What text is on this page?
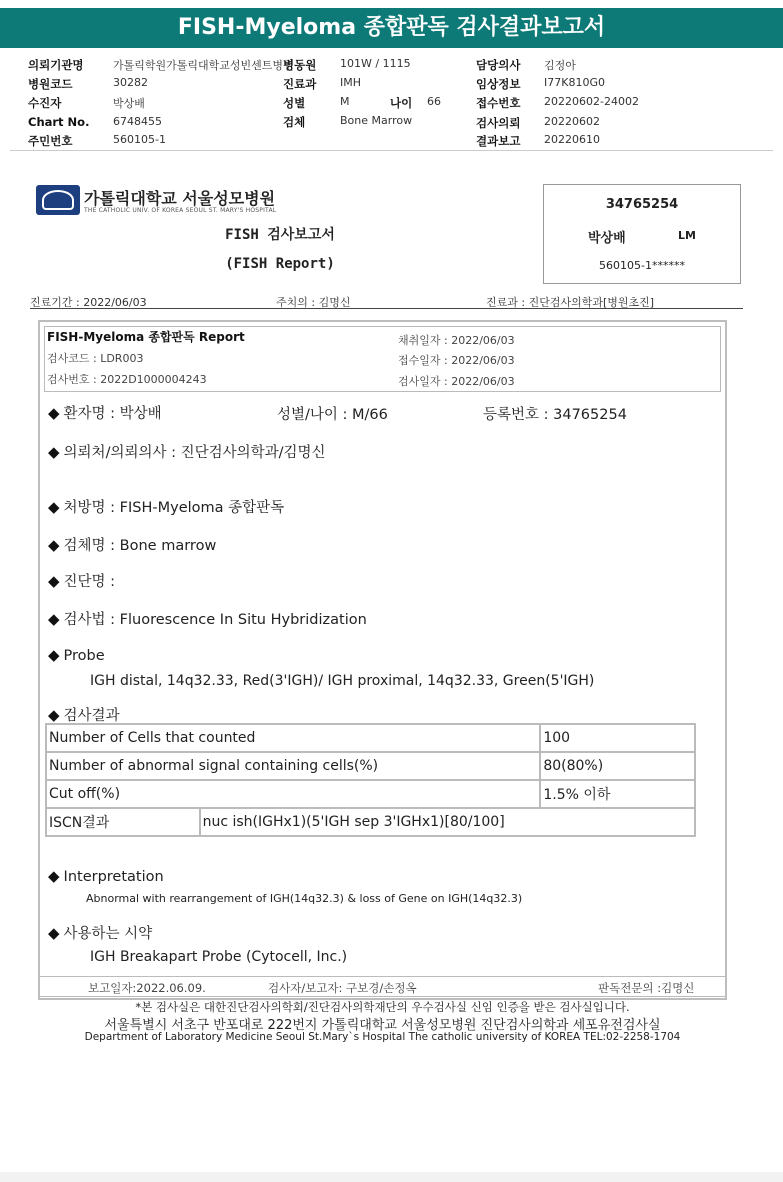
FISH-Myeloma 종합판독 검사결과보고서
의뢰기관명	가톨릭학원가톨릭대학교성빈센트병원
병동원 101W / 1115	담당의사 김정아
병원코드	30282	진료과 IMH	임상정보 I77K810G0
수진자	박상배	성별	M	나이 66	접수번호 20220602-24002
Chart No. 6748455	검체	Bone Marrow	검사의뢰 20220602
주민번호	560105-1	결과보고 20220610
가톨릭대학교 서울성모병원
THE CATHOLIC UNIV. OF KOREA SEOUL ST. MARY'S HOSPITAL
FISH 검사보고서
(FISH Report)
34765254
박상배	LM
560105-1******
진료기간 : 2022/06/03	주치의 : 김명신	진료과 : 진단검사의학과[병원초진]
FISH-Myeloma 종합판독 Report
검사코드 : LDR003
검사번호 : 2022D1000004243
채취일자 : 2022/06/03
접수일자 : 2022/06/03
검사일자 : 2022/06/03
◆ 환자명 : 박상배	성별/나이 : M/66	등록번호 : 34765254
◆ 의뢰처/의뢰의사 : 진단검사의학과/김명신
◆ 처방명 : FISH-Myeloma 종합판독
◆ 검체명 : Bone marrow
◆ 진단명 :
◆ 검사법 : Fluorescence In Situ Hybridization
◆ Probe
IGH distal, 14q32.33, Red(3'IGH)/ IGH proximal, 14q32.33, Green(5'IGH)
◆ 검사결과
Number of Cells that counted		100
Number of abnormal signal containing cells(%)		80(80%)
Cut off(%)		1.5% 이하
ISCN결과	nuc ish(IGHx1)(5'IGH sep 3'IGHx1)[80/100]	
◆ Interpretation
Abnormal with rearrangement of IGH(14q32.3) & loss of Gene on IGH(14q32.3)
◆ 사용하는 시약
IGH Breakapart Probe (Cytocell, Inc.)
보고일자:2022.06.09.	검사자/보고자: 구보경/손정옥	판독전문의 :김명신
*본 검사실은 대한진단검사의학회/진단검사의학재단의 우수검사실 신임 인증을 받은 검사실입니다.
서울특별시 서초구 반포대로 222번지 가톨릭대학교 서울성모병원 진단검사의학과 세포유전검사실
Department of Laboratory Medicine Seoul St.Mary`s Hospital The catholic university of KOREA TEL:02-2258-1704
